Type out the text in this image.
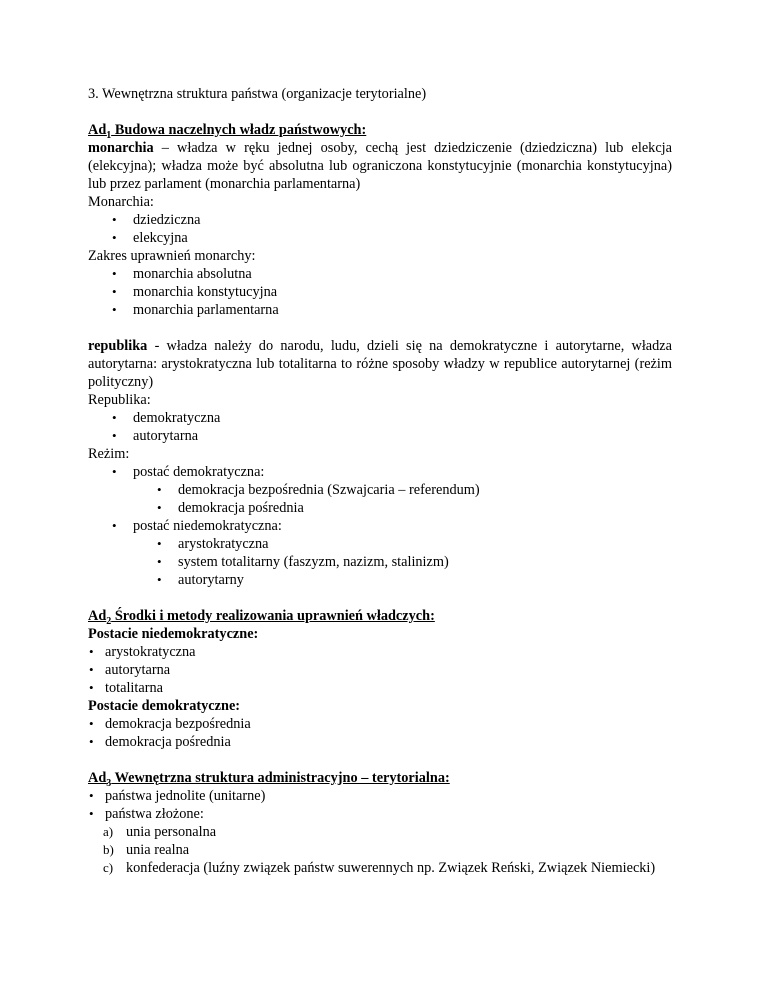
3. Wewnętrzna struktura państwa (organizacje terytorialne)

$Ad_1$ Budowa naczelnych władz państwowych:

monarchia – władza w ręku jednej osoby, cechą jest dziedziczenie (dziedziczna) lub elekcja (elekcyjna); władza może być absolutna lub ograniczona konstytucyjnie (monarchia konstytucyjna) lub przez parlament (monarchia parlamentarna)

Monarchia:

• dziedziczna
• elekcyjna

Zakres uprawnień monarchy:

• monarchia absolutna
• monarchia konstytucyjna
• monarchia parlamentarna

republika - władza należy do narodu, ludu, dzieli się na demokratyczne i autorytarne, władza autorytarna: arystokratyczna lub totalitarna to różne sposoby władzy w republice autorytarnej (reżim polityczny)

Republika:

• demokratyczna
• autorytarna

Reżim:

• postać demokratyczna:
• demokracja bezpośrednia (Szwajcaria – referendum)
• demokracja pośrednia
• postać niedemokratyczna:
• arystokratyczna
• system totalitarny (faszyzm, nazizm, stalinizm)
• autorytarny

$Ad_2$ Środki i metody realizowania uprawnień władczych:

Postacie niedemokratyczne:

• arystokratyczna
• autorytarna
• totalitarna

Postacie demokratyczne:

• demokracja bezpośrednia
• demokracja pośrednia

$Ad_3$ Wewnętrzna struktura administracyjno – terytorialna:

• państwa jednolite (unitarne)
• państwa złożone:
a) unia personalna
b) unia realna
c) konfederacja (luźny związek państw suwerennych np. Związek Reński, Związek Niemiecki)
